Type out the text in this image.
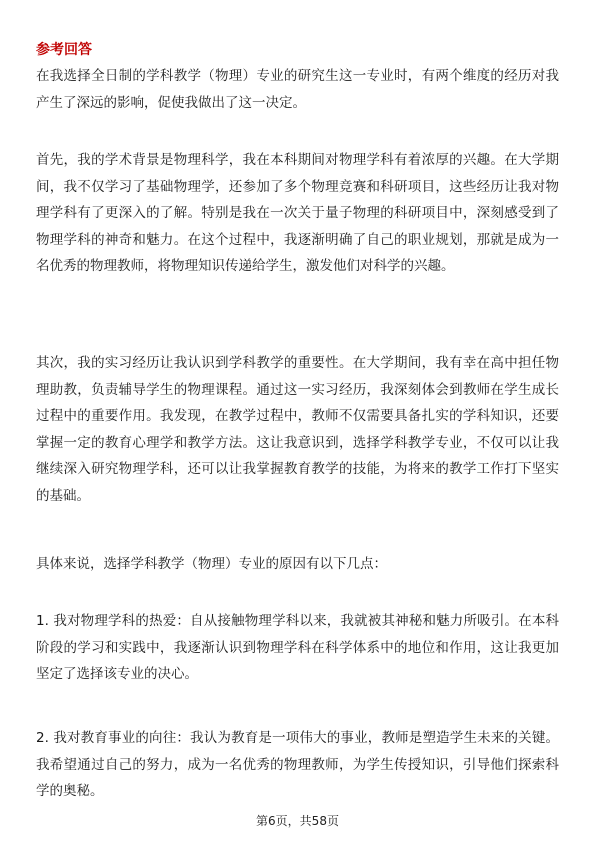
参考回答

在我选择全日制的学科教学（物理）专业的研究生这一专业时，有两个维度的经历对我产生了深远的影响，促使我做出了这一决定。

首先，我的学术背景是物理科学，我在本科期间对物理学科有着浓厚的兴趣。在大学期间，我不仅学习了基础物理学，还参加了多个物理竞赛和科研项目，这些经历让我对物理学科有了更深入的了解。特别是我在一次关于量子物理的科研项目中，深刻感受到了物理学科的神奇和魅力。在这个过程中，我逐渐明确了自己的职业规划，那就是成为一名优秀的物理教师，将物理知识传递给学生，激发他们对科学的兴趣。

其次，我的实习经历让我认识到学科教学的重要性。在大学期间，我有幸在高中担任物理助教，负责辅导学生的物理课程。通过这一实习经历，我深刻体会到教师在学生成长过程中的重要作用。我发现，在教学过程中，教师不仅需要具备扎实的学科知识，还要掌握一定的教育心理学和教学方法。这让我意识到，选择学科教学专业，不仅可以让我继续深入研究物理学科，还可以让我掌握教育教学的技能，为将来的教学工作打下坚实的基础。

具体来说，选择学科教学（物理）专业的原因有以下几点：

1. 我对物理学科的热爱：自从接触物理学科以来，我就被其神秘和魅力所吸引。在本科阶段的学习和实践中，我逐渐认识到物理学科在科学体系中的地位和作用，这让我更加坚定了选择该专业的决心。

2. 我对教育事业的向往：我认为教育是一项伟大的事业，教师是塑造学生未来的关键。我希望通过自己的努力，成为一名优秀的物理教师，为学生传授知识，引导他们探索科学的奥秘。

第6页，共58页
